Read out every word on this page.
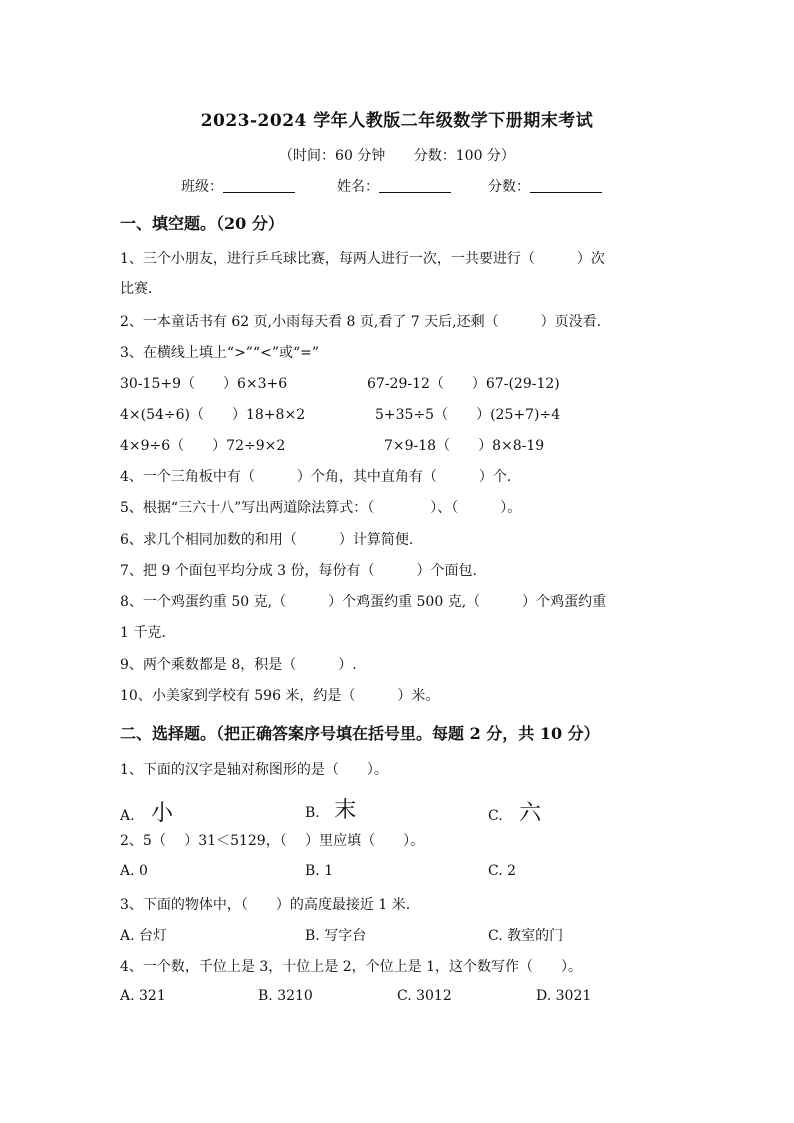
2023-2024 学年人教版二年级数学下册期末考试
（时间：60 分钟 分数：100 分）
班级：	姓名：	分数：
一、填空题。（20 分）
1、三个小朋友，进行乒乓球比赛，每两人进行一次，一共要进行（　　　）次
比赛.
2、一本童话书有 62 页,小雨每天看 8 页,看了 7 天后,还剩（　　　）页没看.
3、在横线上填上“>”“<”或“=”
30-15+9（　　）6×3+6	67-29-12（　　）67-(29-12)
4×(54÷6)（　　）18+8×2	5+35÷5（　　）(25+7)÷4
4×9÷6（　　）72÷9×2	7×9-18（　　）8×8-19
4、一个三角板中有（　　　）个角，其中直角有（　　　）个.
5、根据“三六十八”写出两道除法算式：（　　　　）、（　　　）。
6、求几个相同加数的和用（　　　）计算简便.
7、把 9 个面包平均分成 3 份，每份有（　　　）个面包.
8、一个鸡蛋约重 50 克,（　　　）个鸡蛋约重 500 克,（　　　）个鸡蛋约重
1 千克.
9、两个乘数都是 8，积是（　　　）.
10、小美家到学校有 596 米，约是（　　　）米。
二、选择题。（把正确答案序号填在括号里。每题 2 分，共 10 分）
1、下面的汉字是轴对称图形的是（　　）。
A. 小	B. 末	C. 六
2、5（　 ）31＜5129，（　 ）里应填（　　）。
A. 0	B. 1	C. 2
3、下面的物体中，（　　）的高度最接近 1 米.
A. 台灯	B. 写字台	C. 教室的门
4、一个数，千位上是 3，十位上是 2，个位上是 1，这个数写作（　　）。
A. 321	B. 3210	C. 3012	D. 3021
